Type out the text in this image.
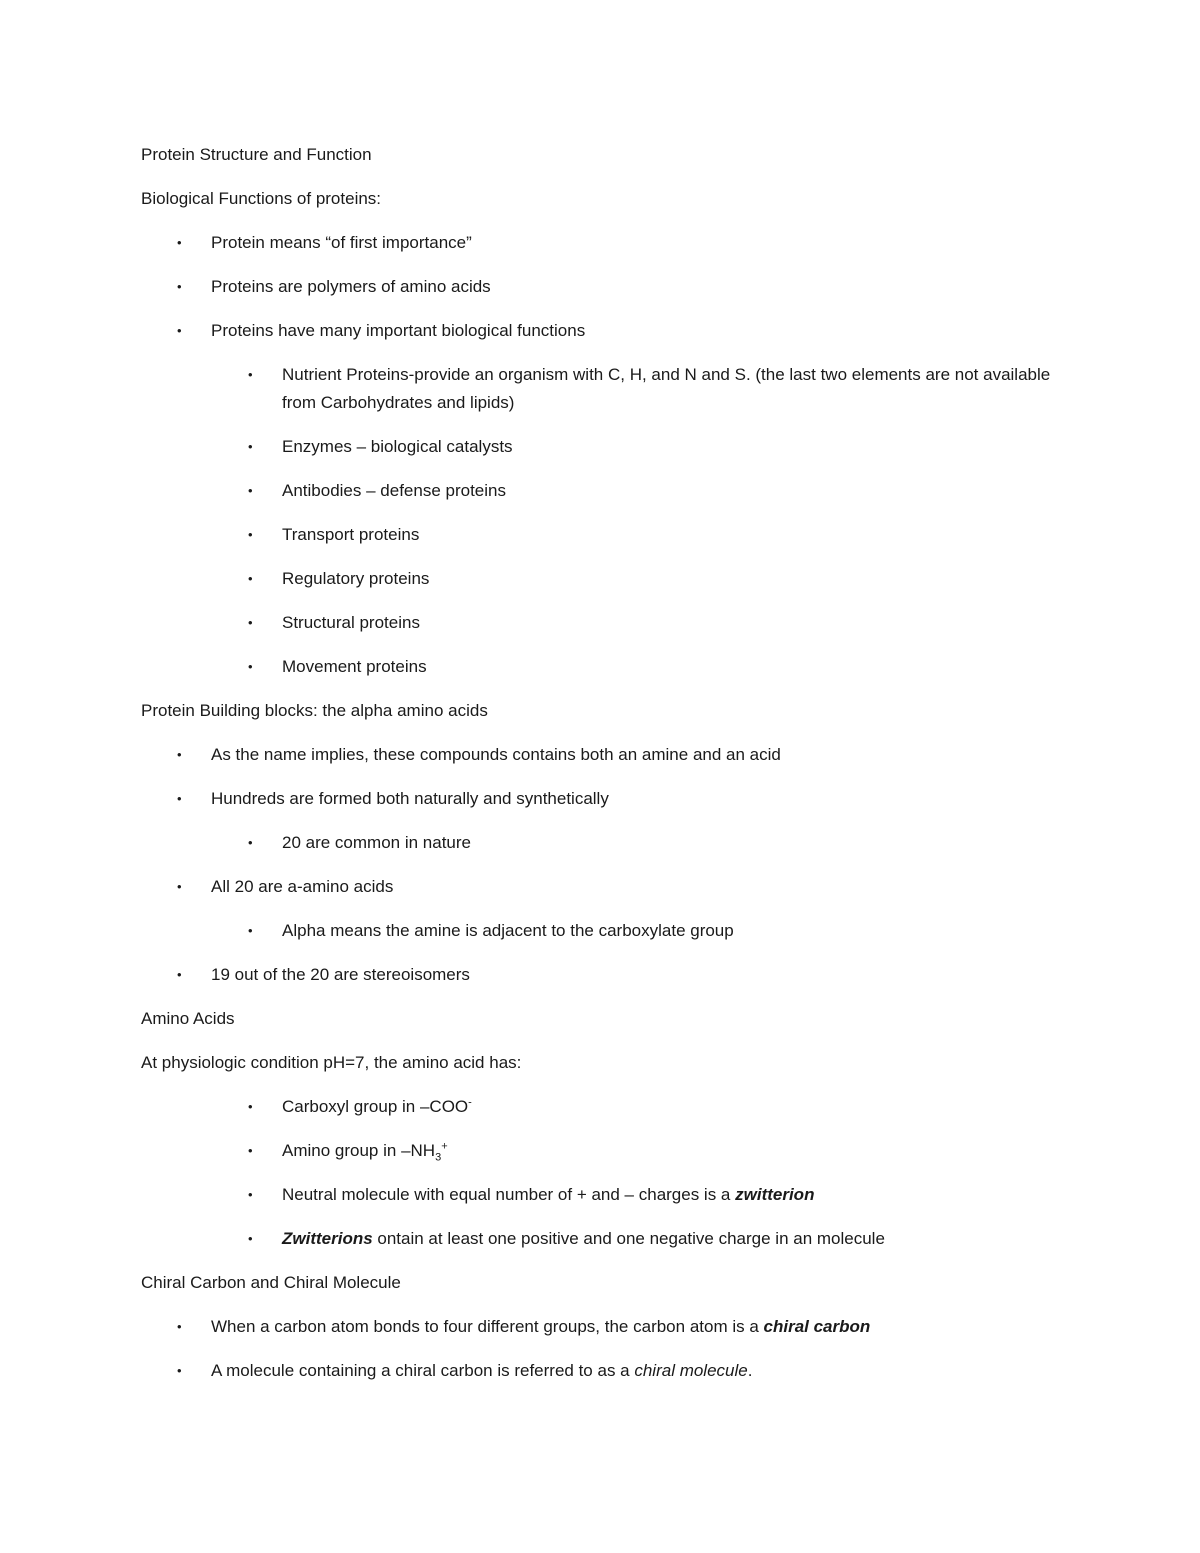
Protein Structure and Function

Biological Functions of proteins:

• Protein means “of first importance”

• Proteins are polymers of amino acids

• Proteins have many important biological functions

• Nutrient Proteins-provide an organism with C, H, and N and S. (the last two elements are not available from Carbohydrates and lipids)

• Enzymes – biological catalysts

• Antibodies – defense proteins

• Transport proteins

• Regulatory proteins

• Structural proteins

• Movement proteins

Protein Building blocks: the alpha amino acids

• As the name implies, these compounds contains both an amine and an acid

• Hundreds are formed both naturally and synthetically

• 20 are common in nature

• All 20 are a-amino acids

• Alpha means the amine is adjacent to the carboxylate group

• 19 out of the 20 are stereoisomers

Amino Acids

At physiologic condition pH=7, the amino acid has:

• Carboxyl group in –COO-

• Amino group in $-NH_3^+$

• Neutral molecule with equal number of + and – charges is a zwitterion

• Zwitterions ontain at least one positive and one negative charge in an molecule

Chiral Carbon and Chiral Molecule

• When a carbon atom bonds to four different groups, the carbon atom is a chiral carbon

• A molecule containing a chiral carbon is referred to as a chiral molecule.
